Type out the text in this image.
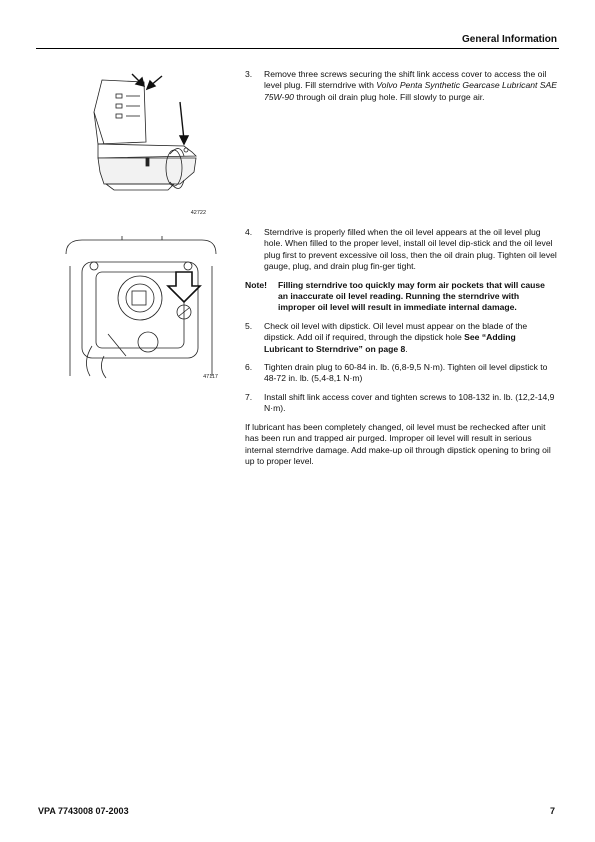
General Information
42722
47117
3. Remove three screws securing the shift link access cover to access the oil level plug. Fill sterndrive with Volvo Penta Synthetic Gearcase Lubricant SAE 75W-90 through oil drain plug hole. Fill slowly to purge air.
4. Sterndrive is properly filled when the oil level appears at the oil level plug hole. When filled to the proper level, install oil level dip-stick and the oil level plug first to prevent excessive oil loss, then the oil drain plug. Tighten oil level gauge, plug, and drain plug fin-ger tight.
Note!	Filling sterndrive too quickly may form air pockets that will cause an inaccurate oil level reading. Running the sterndrive with improper oil level will result in immediate internal damage.
5. Check oil level with dipstick. Oil level must appear on the blade of the dipstick. Add oil if required, through the dipstick hole See “Adding Lubricant to Sterndrive” on page 8.
6. Tighten drain plug to 60-84 in. lb. (6,8-9,5 N·m). Tighten oil level dipstick to 48-72 in. lb. (5,4-8,1 N·m)
7. Install shift link access cover and tighten screws to 108-132 in. lb. (12,2-14,9 N·m).

If lubricant has been completely changed, oil level must be rechecked after unit has been run and trapped air purged. Improper oil level will result in serious internal sterndrive damage. Add make-up oil through dipstick opening to bring oil up to proper level.

VPA 7743008 07-2003	7
